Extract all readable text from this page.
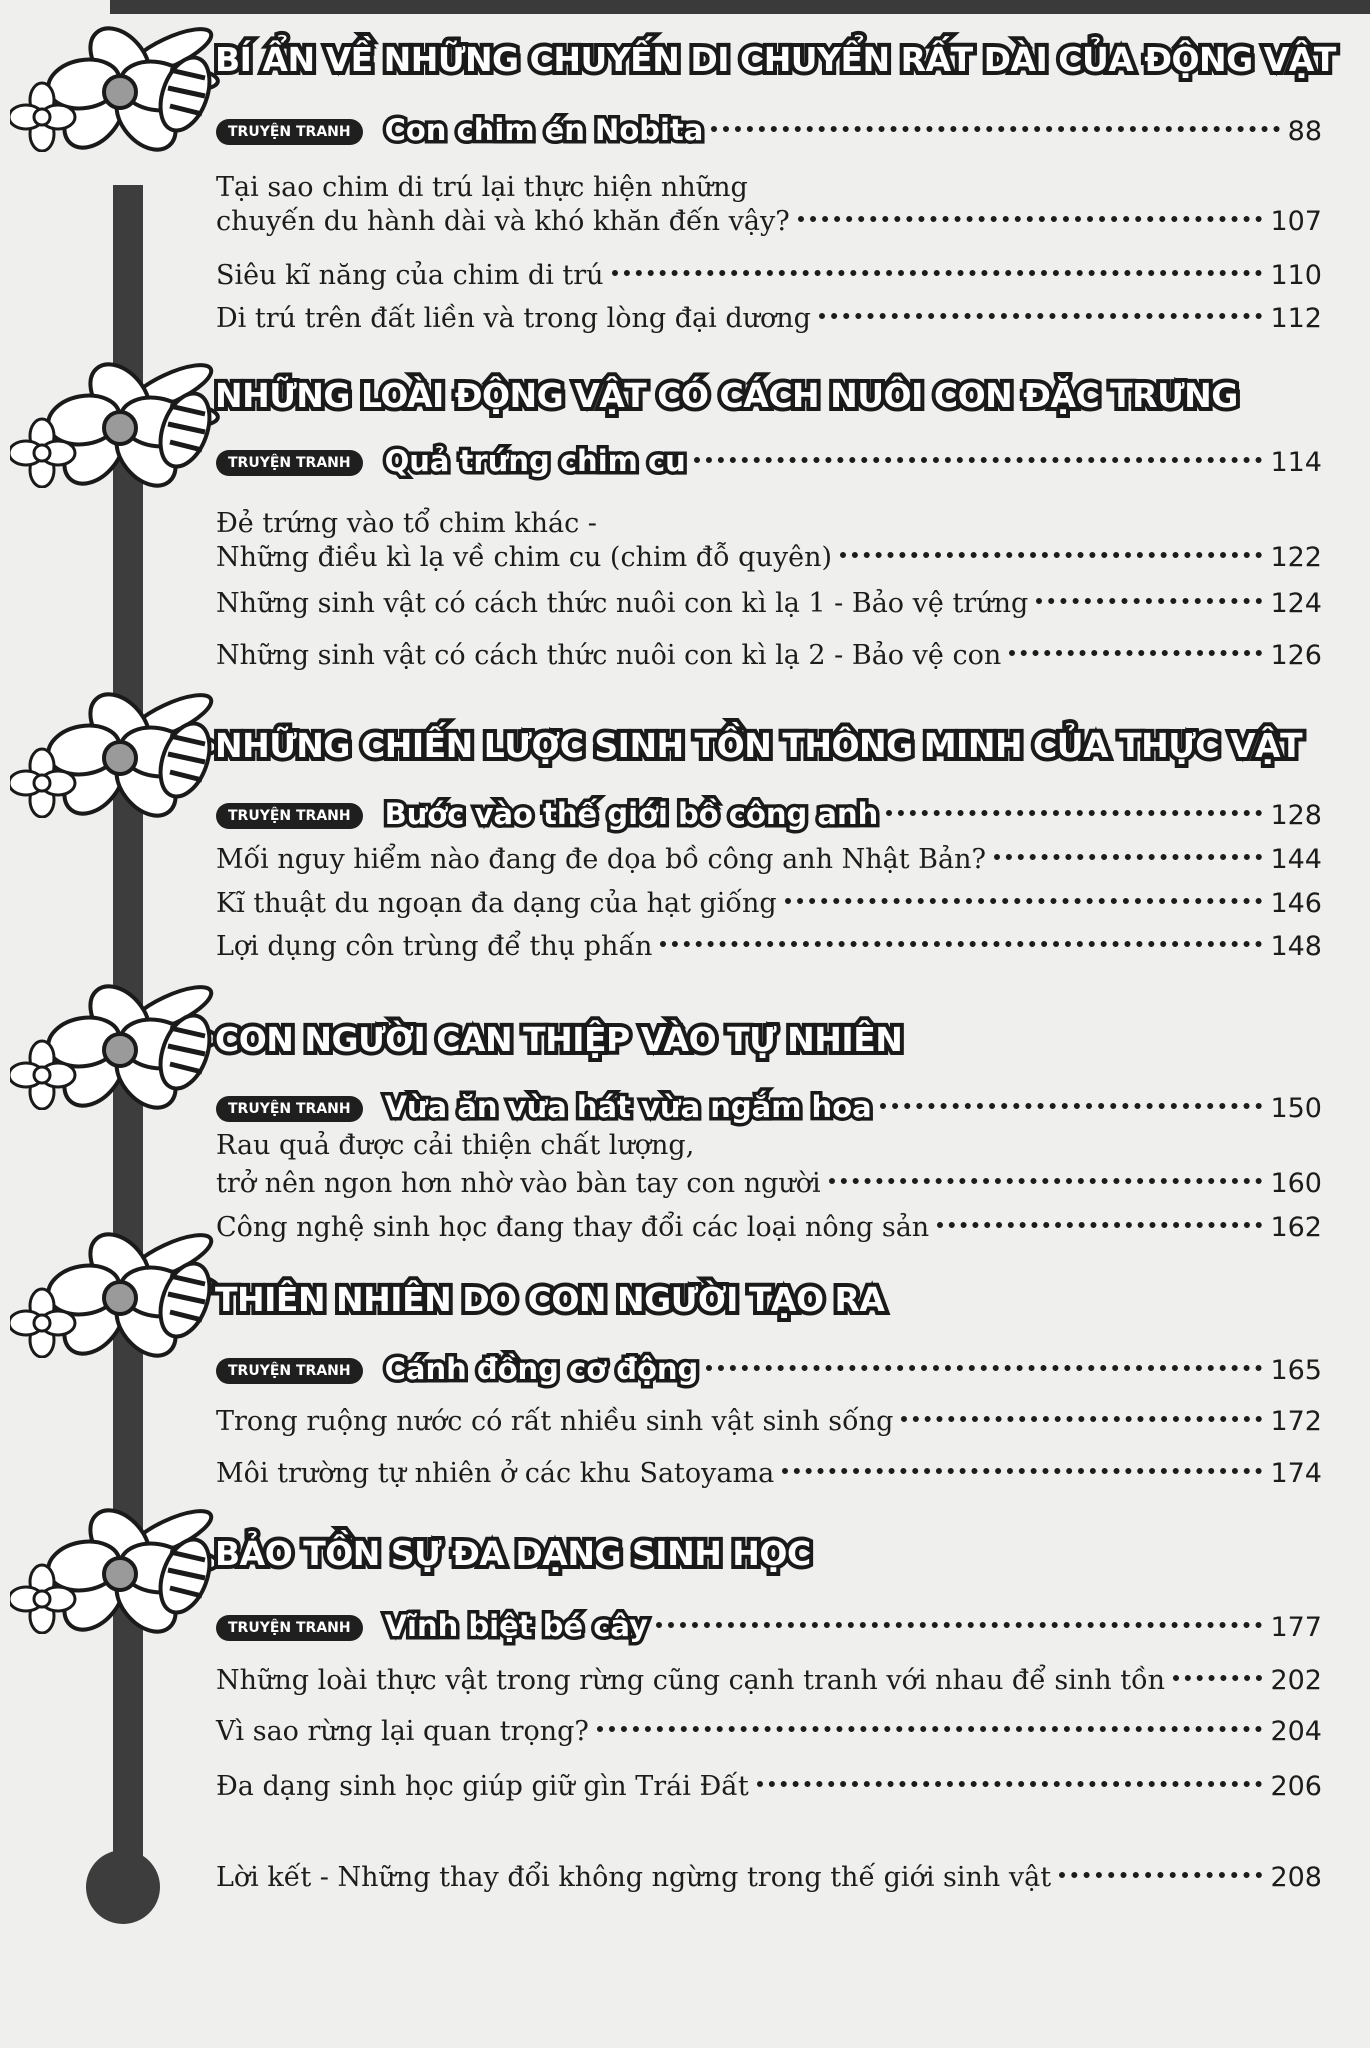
BÍ ẨN VỀ NHỮNG CHUYẾN DI CHUYỂN RẤT DÀI CỦA ĐỘNG VẬT
TRUYỆN TRANH Con chim én Nobita	88
Tại sao chim di trú lại thực hiện những
chuyến du hành dài và khó khăn đến vậy?	107
Siêu kĩ năng của chim di trú	110
Di trú trên đất liền và trong lòng đại dương	112
NHỮNG LOÀI ĐỘNG VẬT CÓ CÁCH NUÔI CON ĐẶC TRƯNG
TRUYỆN TRANH Quả trứng chim cu	114
Đẻ trứng vào tổ chim khác -
Những điều kì lạ về chim cu (chim đỗ quyên)	122
Những sinh vật có cách thức nuôi con kì lạ 1 - Bảo vệ trứng	124
Những sinh vật có cách thức nuôi con kì lạ 2 - Bảo vệ con	126
NHỮNG CHIẾN LƯỢC SINH TỒN THÔNG MINH CỦA THỰC VẬT
TRUYỆN TRANH Bước vào thế giới bồ công anh	128
Mối nguy hiểm nào đang đe dọa bồ công anh Nhật Bản?	144
Kĩ thuật du ngoạn đa dạng của hạt giống	146
Lợi dụng côn trùng để thụ phấn	148
CON NGƯỜI CAN THIỆP VÀO TỰ NHIÊN
TRUYỆN TRANH Vừa ăn vừa hát vừa ngắm hoa	150
Rau quả được cải thiện chất lượng,
trở nên ngon hơn nhờ vào bàn tay con người	160
Công nghệ sinh học đang thay đổi các loại nông sản	162
THIÊN NHIÊN DO CON NGƯỜI TẠO RA
TRUYỆN TRANH Cánh đồng cơ động	165
Trong ruộng nước có rất nhiều sinh vật sinh sống	172
Môi trường tự nhiên ở các khu Satoyama	174
BẢO TỒN SỰ ĐA DẠNG SINH HỌC
TRUYỆN TRANH Vĩnh biệt bé cây	177
Những loài thực vật trong rừng cũng cạnh tranh với nhau để sinh tồn	202
Vì sao rừng lại quan trọng?	204
Đa dạng sinh học giúp giữ gìn Trái Đất	206
Lời kết - Những thay đổi không ngừng trong thế giới sinh vật	208
